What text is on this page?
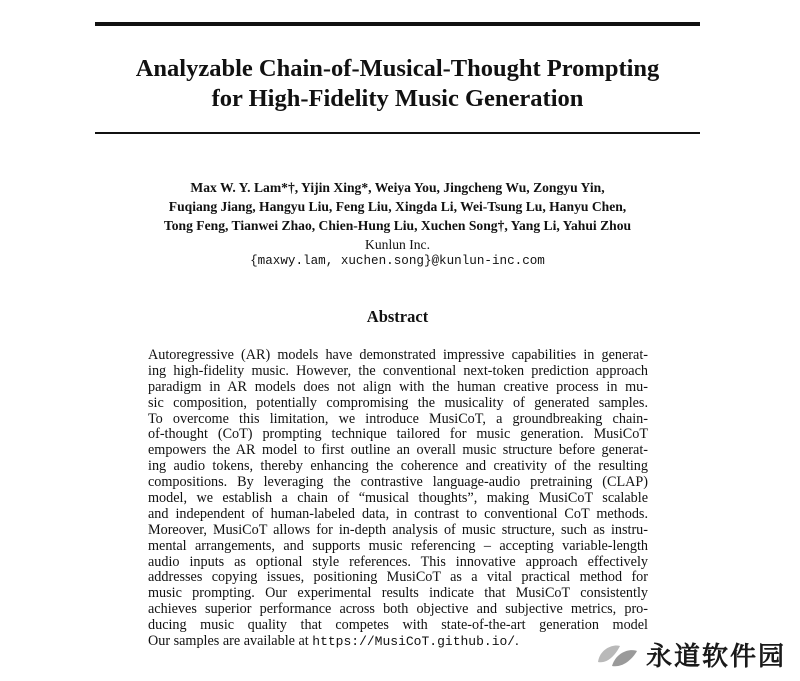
Analyzable Chain-of-Musical-Thought Prompting
for High-Fidelity Music Generation
Max W. Y. Lam*†, Yijin Xing*, Weiya You, Jingcheng Wu, Zongyu Yin,
Fuqiang Jiang, Hangyu Liu, Feng Liu, Xingda Li, Wei-Tsung Lu, Hanyu Chen,
Tong Feng, Tianwei Zhao, Chien-Hung Liu, Xuchen Song†, Yang Li, Yahui Zhou
Kunlun Inc.
{maxwy.lam, xuchen.song}@kunlun-inc.com
Abstract
Autoregressive (AR) models have demonstrated impressive capabilities in generat-
ing high-fidelity music. However, the conventional next-token prediction approach
paradigm in AR models does not align with the human creative process in mu-
sic composition, potentially compromising the musicality of generated samples.
To overcome this limitation, we introduce MusiCoT, a groundbreaking chain-
of-thought (CoT) prompting technique tailored for music generation. MusiCoT
empowers the AR model to first outline an overall music structure before generat-
ing audio tokens, thereby enhancing the coherence and creativity of the resulting
compositions. By leveraging the contrastive language-audio pretraining (CLAP)
model, we establish a chain of “musical thoughts”, making MusiCoT scalable
and independent of human-labeled data, in contrast to conventional CoT methods.
Moreover, MusiCoT allows for in-depth analysis of music structure, such as instru-
mental arrangements, and supports music referencing – accepting variable-length
audio inputs as optional style references. This innovative approach effectively
addresses copying issues, positioning MusiCoT as a vital practical method for
music prompting. Our experimental results indicate that MusiCoT consistently
achieves superior performance across both objective and subjective metrics, pro-
ducing music quality that competes with state-of-the-art generation model
Our samples are available at https://MusiCoT.github.io/.
永道软件园
